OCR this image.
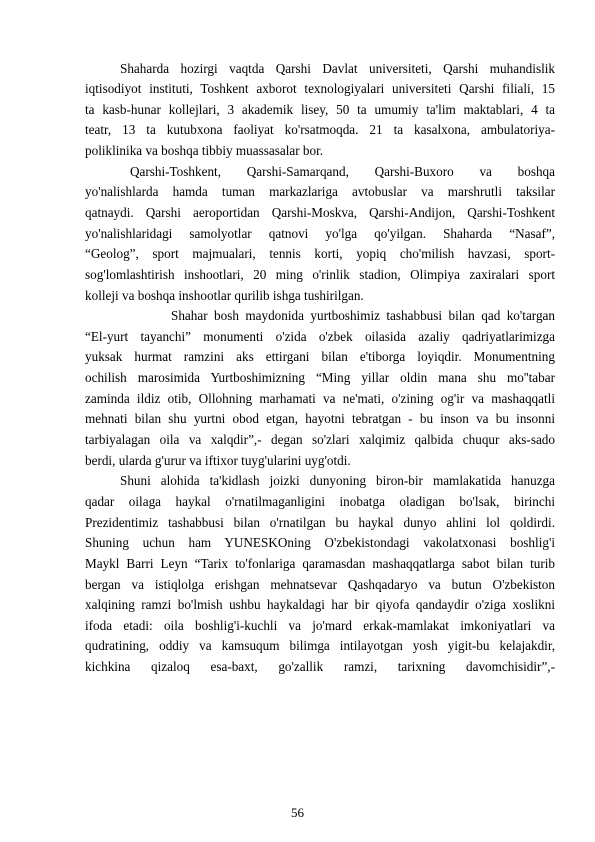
Shaharda hozirgi vaqtda Qarshi Davlat universiteti, Qarshi muhandislik
iqtisodiyot instituti, Toshkent axborot texnologiyalari universiteti Qarshi filiali, 15
ta kasb-hunar kollejlari, 3 akademik lisey, 50 ta umumiy ta'lim maktablari, 4 ta
teatr, 13 ta kutubxona faoliyat ko'rsatmoqda. 21 ta kasalxona, ambulatoriya-
poliklinika va boshqa tibbiy muassasalar bor.
Qarshi-Toshkent, Qarshi-Samarqand, Qarshi-Buxoro va boshqa
yo'nalishlarda hamda tuman markazlariga avtobuslar va marshrutli taksilar
qatnaydi. Qarshi aeroportidan Qarshi-Moskva, Qarshi-Andijon, Qarshi-Toshkent
yo'nalishlaridagi samolyotlar qatnovi yo'lga qo'yilgan. Shaharda “Nasaf”,
“Geolog”, sport majmualari, tennis korti, yopiq cho'milish havzasi, sport-
sog'lomlashtirish inshootlari, 20 ming o'rinlik stadion, Olimpiya zaxiralari sport
kolleji va boshqa inshootlar qurilib ishga tushirilgan.
Shahar bosh maydonida yurtboshimiz tashabbusi bilan qad ko'targan
“El-yurt tayanchi” monumenti o'zida o'zbek oilasida azaliy qadriyatlarimizga
yuksak hurmat ramzini aks ettirgani bilan e'tiborga loyiqdir. Monumentning
ochilish marosimida Yurtboshimizning “Ming yillar oldin mana shu mo''tabar
zaminda ildiz otib, Ollohning marhamati va ne'mati, o'zining og'ir va mashaqqatli
mehnati bilan shu yurtni obod etgan, hayotni tebratgan - bu inson va bu insonni
tarbiyalagan oila va xalqdir”,- degan so'zlari xalqimiz qalbida chuqur aks-sado
berdi, ularda g'urur va iftixor tuyg'ularini uyg'otdi.
Shuni alohida ta'kidlash joizki dunyoning biron-bir mamlakatida hanuzga
qadar oilaga haykal o'rnatilmaganligini inobatga oladigan bo'lsak, birinchi
Prezidentimiz tashabbusi bilan o'rnatilgan bu haykal dunyo ahlini lol qoldirdi.
Shuning uchun ham YUNESKOning O'zbekistondagi vakolatxonasi boshlig'i
Maykl Barri Leyn “Tarix to'fonlariga qaramasdan mashaqqatlarga sabot bilan turib
bergan va istiqlolga erishgan mehnatsevar Qashqadaryo va butun O'zbekiston
xalqining ramzi bo'lmish ushbu haykaldagi har bir qiyofa qandaydir o'ziga xoslikni
ifoda etadi: oila boshlig'i-kuchli va jo'mard erkak-mamlakat imkoniyatlari va
qudratining, oddiy va kamsuqum bilimga intilayotgan yosh yigit-bu kelajakdir,
kichkina qizaloq esa-baxt, go'zallik ramzi, tarixning davomchisidir”,-
56
